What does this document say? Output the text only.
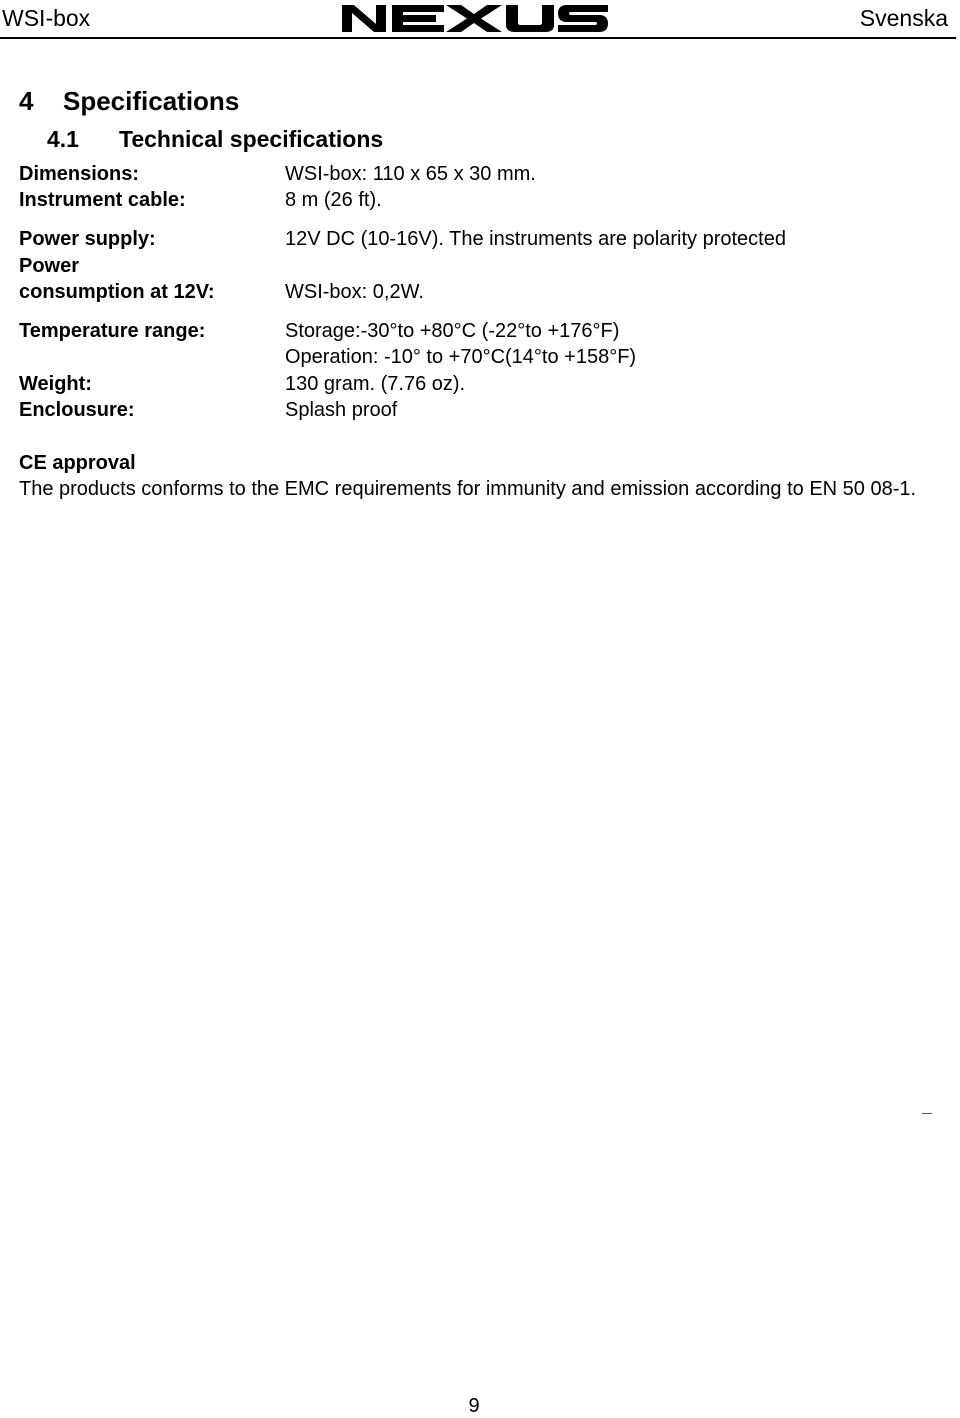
WSI-box	Svenska
4 Specifications
4.1 Technical specifications
Dimensions:	WSI-box: 110 x 65 x 30 mm.
Instrument cable:	8 m (26 ft).
Power supply:	12V DC (10-16V). The instruments are polarity protected
Power
consumption at 12V:	WSI-box: 0,2W.
Temperature range:	Storage:-30°to +80°C (-22°to +176°F)
Operation: -10° to +70°C(14°to +158°F)
Weight:	130 gram. (7.76 oz).
Enclousure:	Splash proof
CE approval
The products conforms to the EMC requirements for immunity and emission according to EN 50 08-1.
9
